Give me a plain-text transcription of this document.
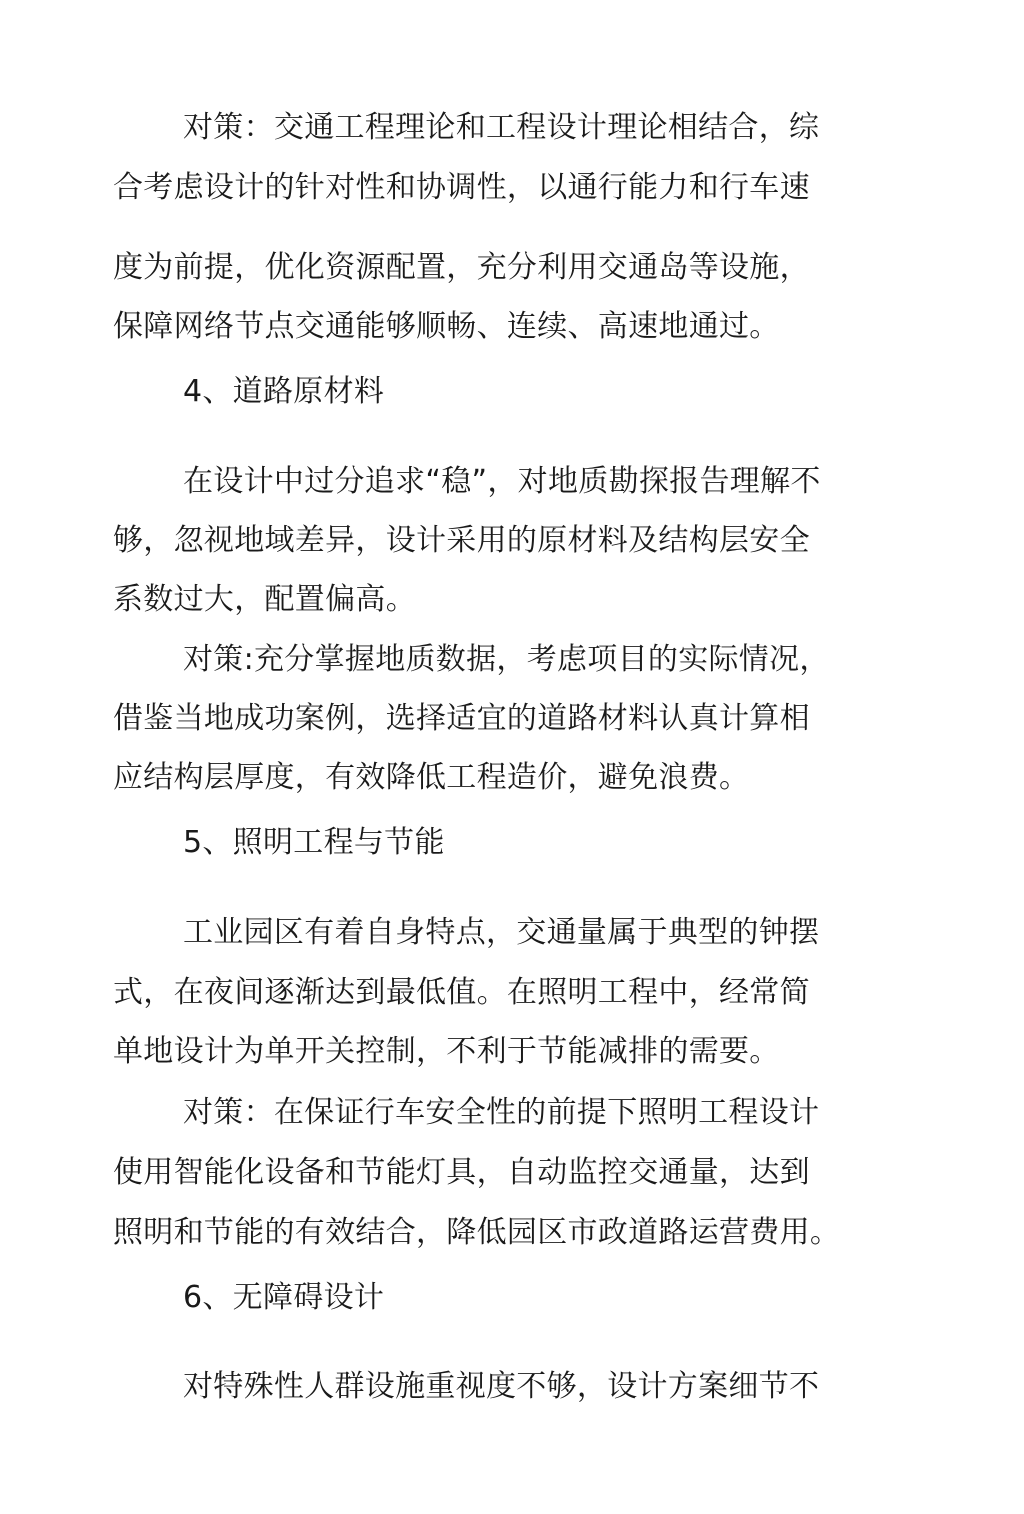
对策：交通工程理论和工程设计理论相结合，综
合考虑设计的针对性和协调性，以通行能力和行车速
度为前提，优化资源配置，充分利用交通岛等设施，
保障网络节点交通能够顺畅、连续、高速地通过。
4、道路原材料
在设计中过分追求“稳”，对地质勘探报告理解不
够，忽视地域差异，设计采用的原材料及结构层安全
系数过大，配置偏高。
对策:充分掌握地质数据，考虑项目的实际情况，
借鉴当地成功案例，选择适宜的道路材料认真计算相
应结构层厚度，有效降低工程造价，避免浪费。
5、照明工程与节能
工业园区有着自身特点，交通量属于典型的钟摆
式，在夜间逐渐达到最低值。在照明工程中，经常简
单地设计为单开关控制，不利于节能减排的需要。
对策：在保证行车安全性的前提下照明工程设计
使用智能化设备和节能灯具，自动监控交通量，达到
照明和节能的有效结合，降低园区市政道路运营费用。
6、无障碍设计
对特殊性人群设施重视度不够，设计方案细节不
